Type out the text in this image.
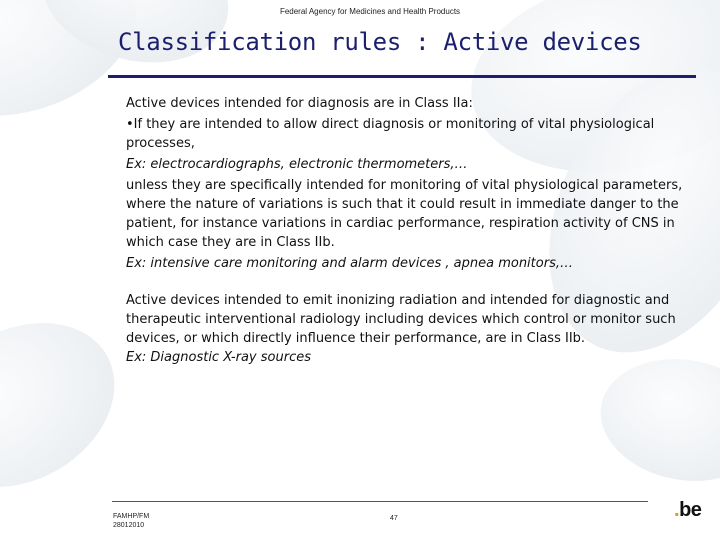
Federal Agency for Medicines and Health Products
Classification rules : Active devices

Active devices intended for diagnosis are in Class IIa:

•If they are intended to allow direct diagnosis or monitoring of vital physiological processes,

Ex: electrocardiographs, electronic thermometers,…

unless they are specifically intended for monitoring of vital physiological parameters, where the nature of variations is such that it could result in immediate danger to the patient, for instance variations in cardiac performance, respiration activity of CNS in which case they are in Class IIb.

Ex: intensive care monitoring and alarm devices , apnea monitors,…

Active devices intended to emit inonizing radiation and intended for diagnostic and therapeutic interventional radiology including devices which control or monitor such devices, or which directly influence their performance, are in Class IIb.

Ex: Diagnostic X-ray sources

FAMHP/FM
28012010
47	.be
